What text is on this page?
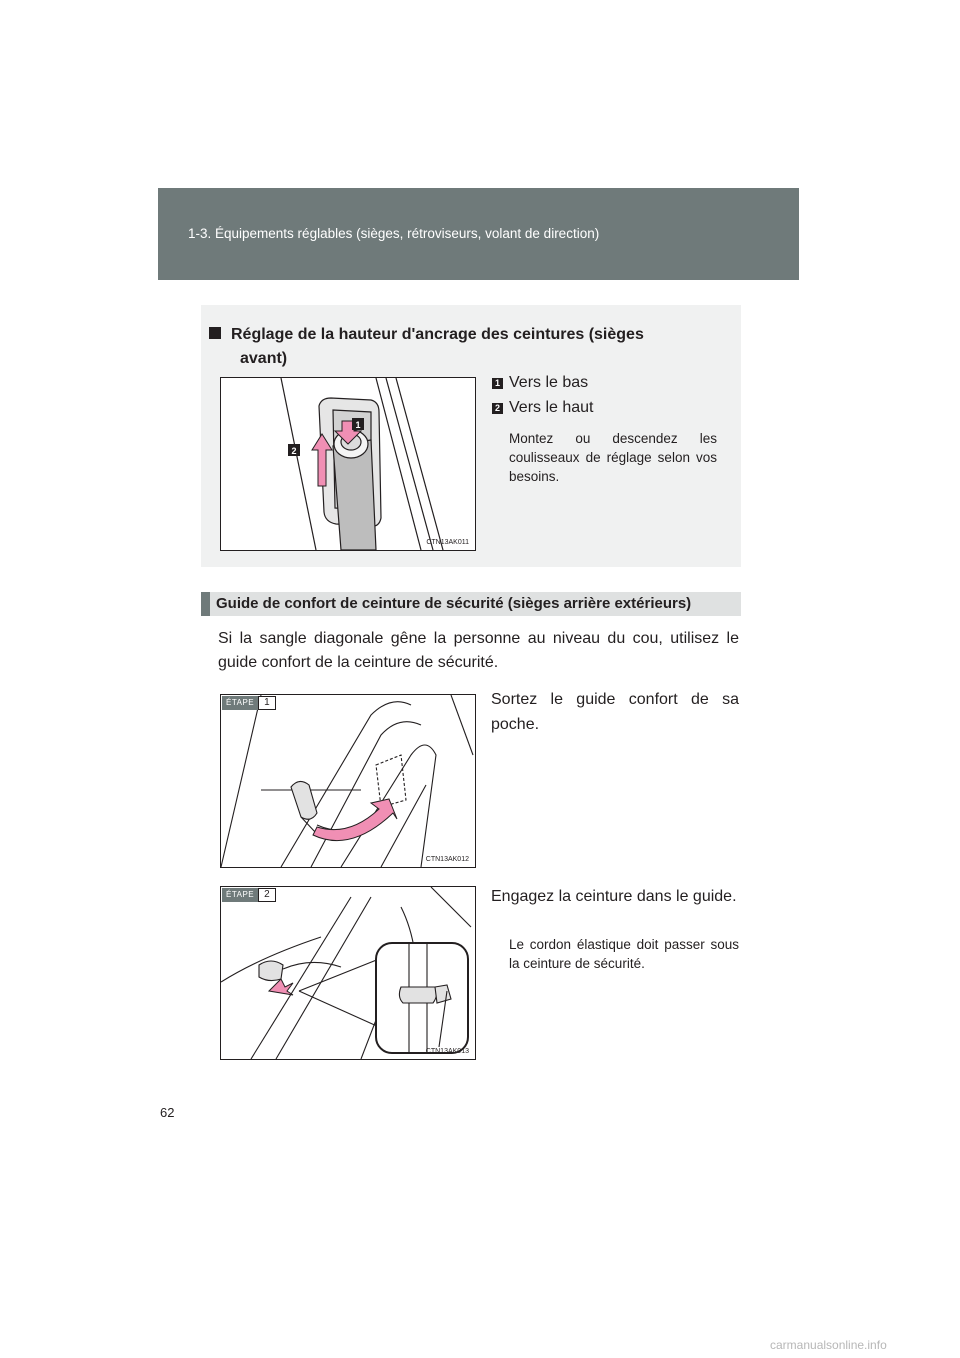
1-3. Équipements réglables (sièges, rétroviseurs, volant de direction)
Réglage de la hauteur d'ancrage des ceintures (sièges
avant)
1
2
CTN13AK011
1 Vers le bas
2 Vers le haut
Montez ou descendez les coulisseaux de réglage selon vos besoins.
Guide de confort de ceinture de sécurité (sièges arrière extérieurs)
Si la sangle diagonale gêne la personne au niveau du cou, utilisez le guide confort de la ceinture de sécurité.
ÉTAPE	1
CTN13AK012
Sortez le guide confort de sa poche.
ÉTAPE	2
CTN13AK013
Engagez la ceinture dans le guide.
Le cordon élastique doit passer sous la ceinture de sécurité.
62
carmanualsonline.info
